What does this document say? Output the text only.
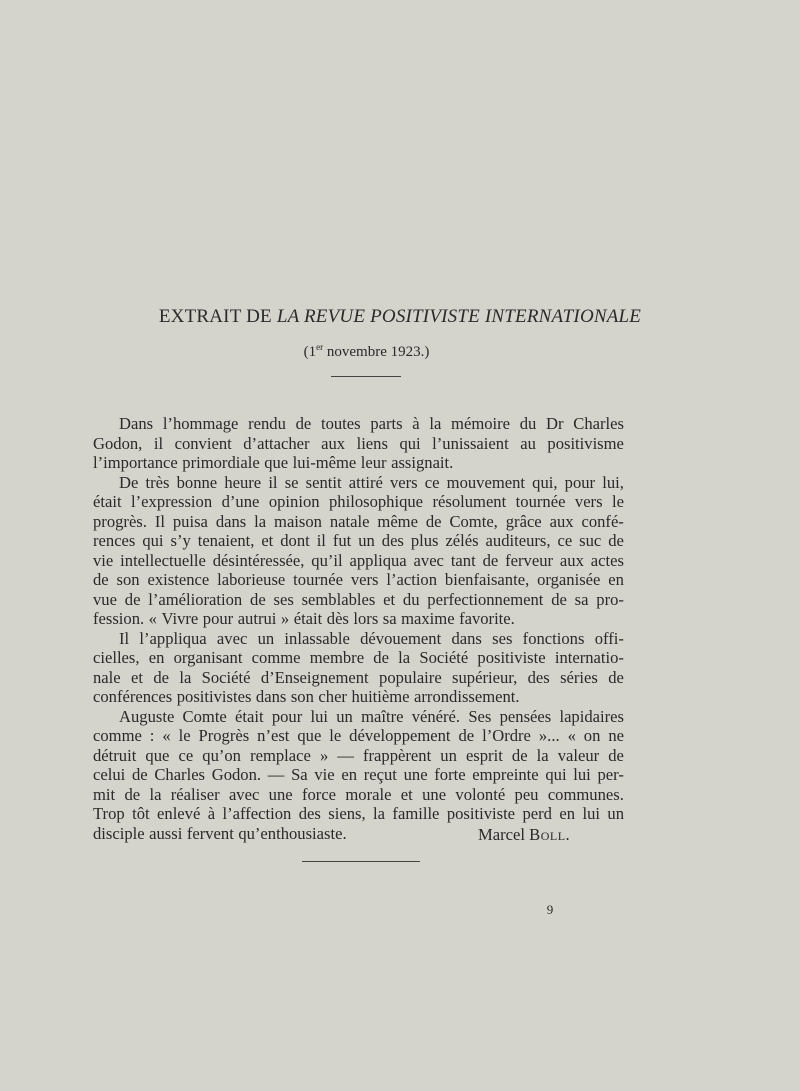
EXTRAIT DE LA REVUE POSITIVISTE INTERNATIONALE
(1er novembre 1923.)
Dans l’hommage rendu de toutes parts à la mémoire du Dr Charles
Godon, il convient d’attacher aux liens qui l’unissaient au positivisme
l’importance primordiale que lui-même leur assignait.
De très bonne heure il se sentit attiré vers ce mouvement qui, pour lui,
était l’expression d’une opinion philosophique résolument tournée vers le
progrès. Il puisa dans la maison natale même de Comte, grâce aux confé-
rences qui s’y tenaient, et dont il fut un des plus zélés auditeurs, ce suc de
vie intellectuelle désintéressée, qu’il appliqua avec tant de ferveur aux actes
de son existence laborieuse tournée vers l’action bienfaisante, organisée en
vue de l’amélioration de ses semblables et du perfectionnement de sa pro-
fession. « Vivre pour autrui » était dès lors sa maxime favorite.
Il l’appliqua avec un inlassable dévouement dans ses fonctions offi-
cielles, en organisant comme membre de la Société positiviste internatio-
nale et de la Société d’Enseignement populaire supérieur, des séries de
conférences positivistes dans son cher huitième arrondissement.
Auguste Comte était pour lui un maître vénéré. Ses pensées lapidaires
comme : « le Progrès n’est que le développement de l’Ordre »... « on ne
détruit que ce qu’on remplace » — frappèrent un esprit de la valeur de
celui de Charles Godon. — Sa vie en reçut une forte empreinte qui lui per-
mit de la réaliser avec une force morale et une volonté peu communes.
Trop tôt enlevé à l’affection des siens, la famille positiviste perd en lui un
disciple aussi fervent qu’enthousiaste.	Marcel Boll.
9
